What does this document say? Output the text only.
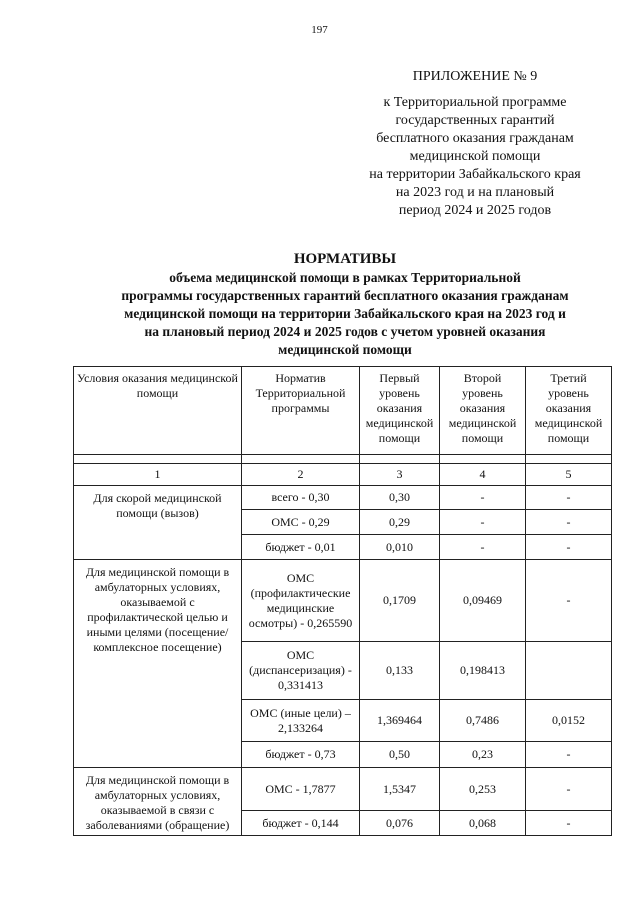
197
ПРИЛОЖЕНИЕ № 9
к Территориальной программе
государственных гарантий
бесплатного оказания гражданам
медицинской помощи
на территории Забайкальского края
на 2023 год и на плановый
период 2024 и 2025 годов
НОРМАТИВЫ
объема медицинской помощи в рамках Территориальной
программы государственных гарантий бесплатного оказания гражданам
медицинской помощи на территории Забайкальского края на 2023 год и
на плановый период 2024 и 2025 годов с учетом уровней оказания
медицинской помощи
Условия оказания медицинской помощи	Норматив Территориальной программы	Первый уровень оказания медицинской помощи	Второй уровень оказания медицинской помощи	Третий уровень оказания медицинской помощи

1	2	3	4	5
Для скорой медицинской помощи (вызов)	всего - 0,30	0,30	-	-
	ОМС - 0,29	0,29	-	-
	бюджет - 0,01	0,010	-	-
Для медицинской помощи в амбулаторных условиях, оказываемой с профилактической целью и иными целями (посещение/комплексное посещение)	ОМС (профилактические медицинские осмотры) - 0,265590	0,1709	0,09469	-
	ОМС (диспансеризация) - 0,331413	0,133	0,198413	
	ОМС (иные цели) – 2,133264	1,369464	0,7486	0,0152
	бюджет - 0,73	0,50	0,23	-
Для медицинской помощи в амбулаторных условиях, оказываемой в связи с заболеваниями (обращение)	ОМС - 1,7877	1,5347	0,253	-
	бюджет - 0,144	0,076	0,068	-
